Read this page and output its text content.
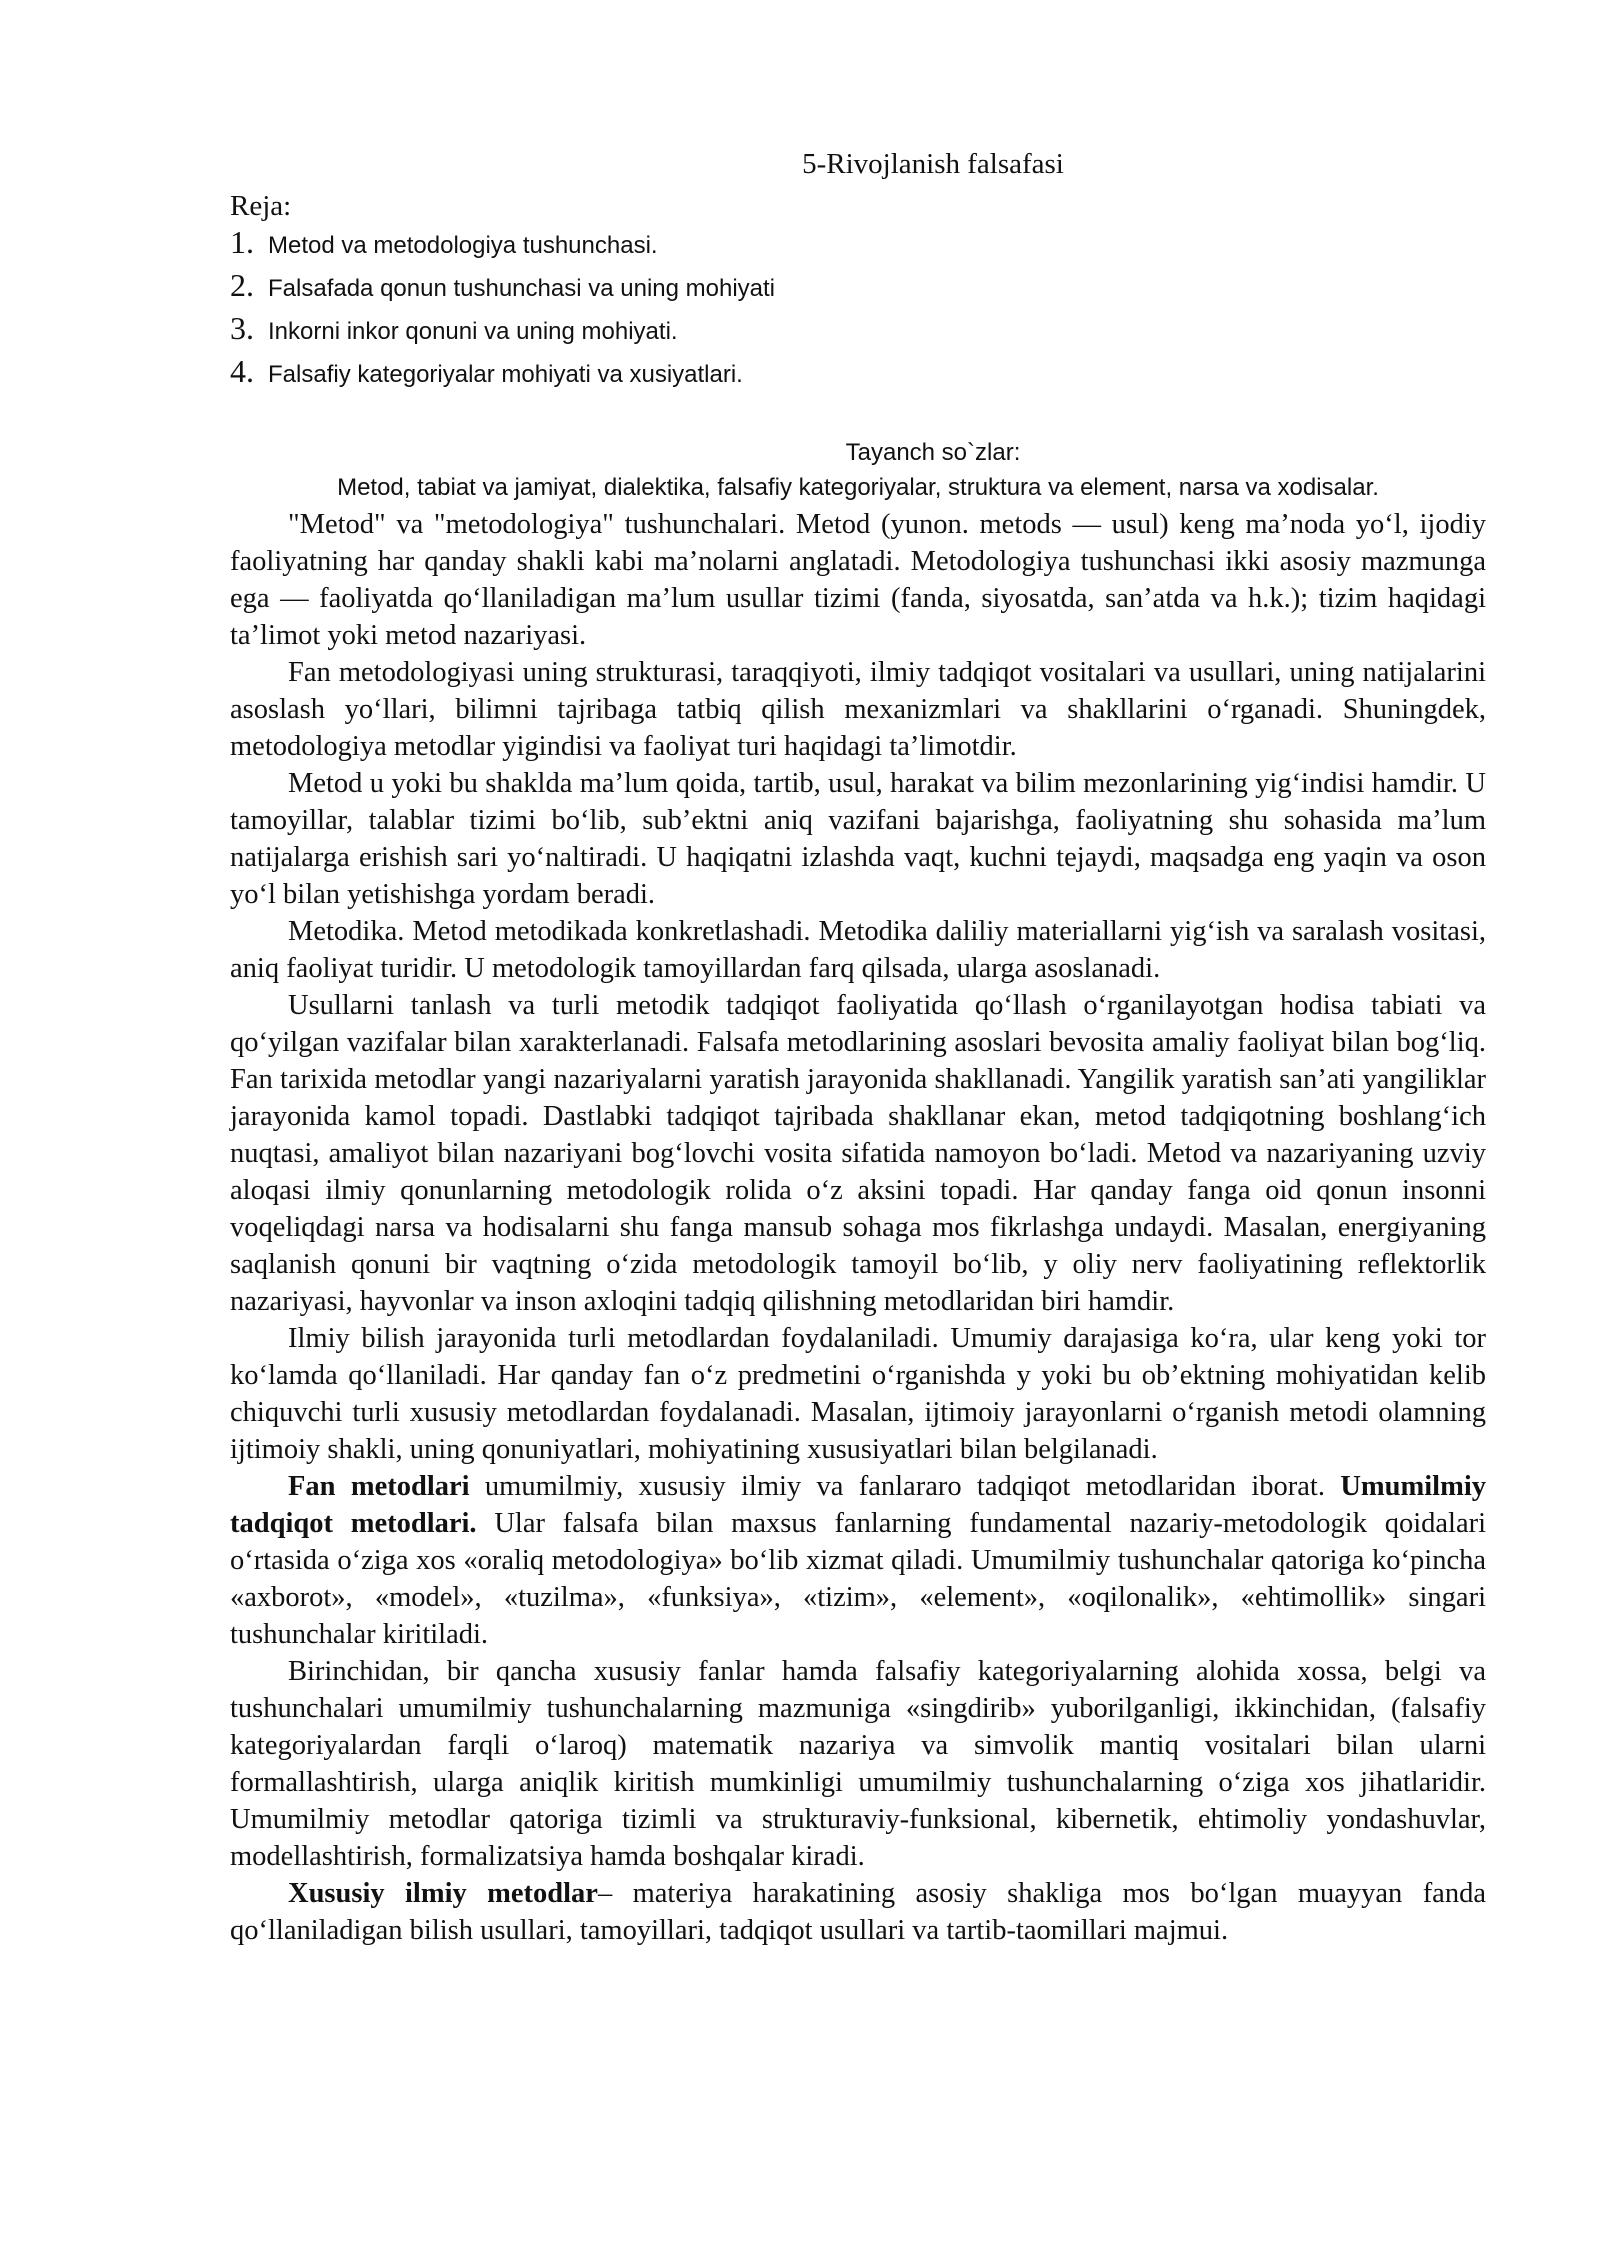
5-Rivojlanish falsafasi

Reja:

1. Metod va metodologiya tushunchasi.
2. Falsafada qonun tushunchasi va uning mohiyati
3. Inkorni inkor qonuni va uning mohiyati.
4. Falsafiy kategoriyalar mohiyati va xusiyatlari.

Tayanch so`zlar:

Metod, tabiat va jamiyat, dialektika, falsafiy kategoriyalar, struktura va element, narsa va xodisalar.

"Metod" va "metodologiya" tushunchalari. Metod (yunon. metods — usul) keng ma’noda yo‘l, ijodiy faoliyatning har qanday shakli kabi ma’nolarni anglatadi. Metodologiya tushunchasi ikki asosiy mazmunga ega — faoliyatda qo‘llaniladigan ma’lum usullar tizimi (fanda, siyosatda, san’atda va h.k.); tizim haqidagi ta’limot yoki metod nazariyasi.

Fan metodologiyasi uning strukturasi, taraqqiyoti, ilmiy tadqiqot vositalari va usullari, uning natijalarini asoslash yo‘llari, bilimni tajribaga tatbiq qilish mexanizmlari va shakllarini o‘rganadi. Shuningdek, metodologiya metodlar yigindisi va faoliyat turi haqidagi ta’limotdir.

Metod u yoki bu shaklda ma’lum qoida, tartib, usul, harakat va bilim mezonlarining yig‘indisi hamdir. U tamoyillar, talablar tizimi bo‘lib, sub’ektni aniq vazifani bajarishga, faoliyatning shu sohasida ma’lum natijalarga erishish sari yo‘naltiradi. U haqiqatni izlashda vaqt, kuchni tejaydi, maqsadga eng yaqin va oson yo‘l bilan yetishishga yordam beradi.

Metodika. Metod metodikada konkretlashadi. Metodika daliliy materiallarni yig‘ish va saralash vositasi, aniq faoliyat turidir. U metodologik tamoyillardan farq qilsada, ularga asoslanadi.

Usullarni tanlash va turli metodik tadqiqot faoliyatida qo‘llash o‘rganilayotgan hodisa tabiati va qo‘yilgan vazifalar bilan xarakterlanadi. Falsafa metodlarining asoslari bevosita amaliy faoliyat bilan bog‘liq. Fan tarixida metodlar yangi nazariyalarni yaratish jarayonida shakllanadi. Yangilik yaratish san’ati yangiliklar jarayonida kamol topadi. Dastlabki tadqiqot tajribada shakllanar ekan, metod tadqiqotning boshlang‘ich nuqtasi, amaliyot bilan nazariyani bog‘lovchi vosita sifatida namoyon bo‘ladi. Metod va nazariyaning uzviy aloqasi ilmiy qonunlarning metodologik rolida o‘z aksini topadi. Har qanday fanga oid qonun insonni voqeliqdagi narsa va hodisalarni shu fanga mansub sohaga mos fikrlashga undaydi. Masalan, energiyaning saqlanish qonuni bir vaqtning o‘zida metodologik tamoyil bo‘lib, y oliy nerv faoliyatining reflektorlik nazariyasi, hayvonlar va inson axloqini tadqiq qilishning metodlaridan biri hamdir.

Ilmiy bilish jarayonida turli metodlardan foydalaniladi. Umumiy darajasiga ko‘ra, ular keng yoki tor ko‘lamda qo‘llaniladi. Har qanday fan o‘z predmetini o‘rganishda y yoki bu ob’ektning mohiyatidan kelib chiquvchi turli xususiy metodlardan foydalanadi. Masalan, ijtimoiy jarayonlarni o‘rganish metodi olamning ijtimoiy shakli, uning qonuniyatlari, mohiyatining xususiyatlari bilan belgilanadi.

Fan metodlari umumilmiy, xususiy ilmiy va fanlararo tadqiqot metodlaridan iborat. Umumilmiy tadqiqot metodlari. Ular falsafa bilan maxsus fanlarning fundamental nazariy-metodologik qoidalari o‘rtasida o‘ziga xos «oraliq metodologiya» bo‘lib xizmat qiladi. Umumilmiy tushunchalar qatoriga ko‘pincha «axborot», «model», «tuzilma», «funksiya», «tizim», «element», «oqilonalik», «ehtimollik» singari tushunchalar kiritiladi.

Birinchidan, bir qancha xususiy fanlar hamda falsafiy kategoriyalarning alohida xossa, belgi va tushunchalari umumilmiy tushunchalarning mazmuniga «singdirib» yuborilganligi, ikkinchidan, (falsafiy kategoriyalardan farqli o‘laroq) matematik nazariya va simvolik mantiq vositalari bilan ularni formallashtirish, ularga aniqlik kiritish mumkinligi umumilmiy tushunchalarning o‘ziga xos jihatlaridir. Umumilmiy metodlar qatoriga tizimli va strukturaviy-funksional, kibernetik, ehtimoliy yondashuvlar, modellashtirish, formalizatsiya hamda boshqalar kiradi.

Xususiy ilmiy metodlar– materiya harakatining asosiy shakliga mos bo‘lgan muayyan fanda qo‘llaniladigan bilish usullari, tamoyillari, tadqiqot usullari va tartib-taomillari majmui.
